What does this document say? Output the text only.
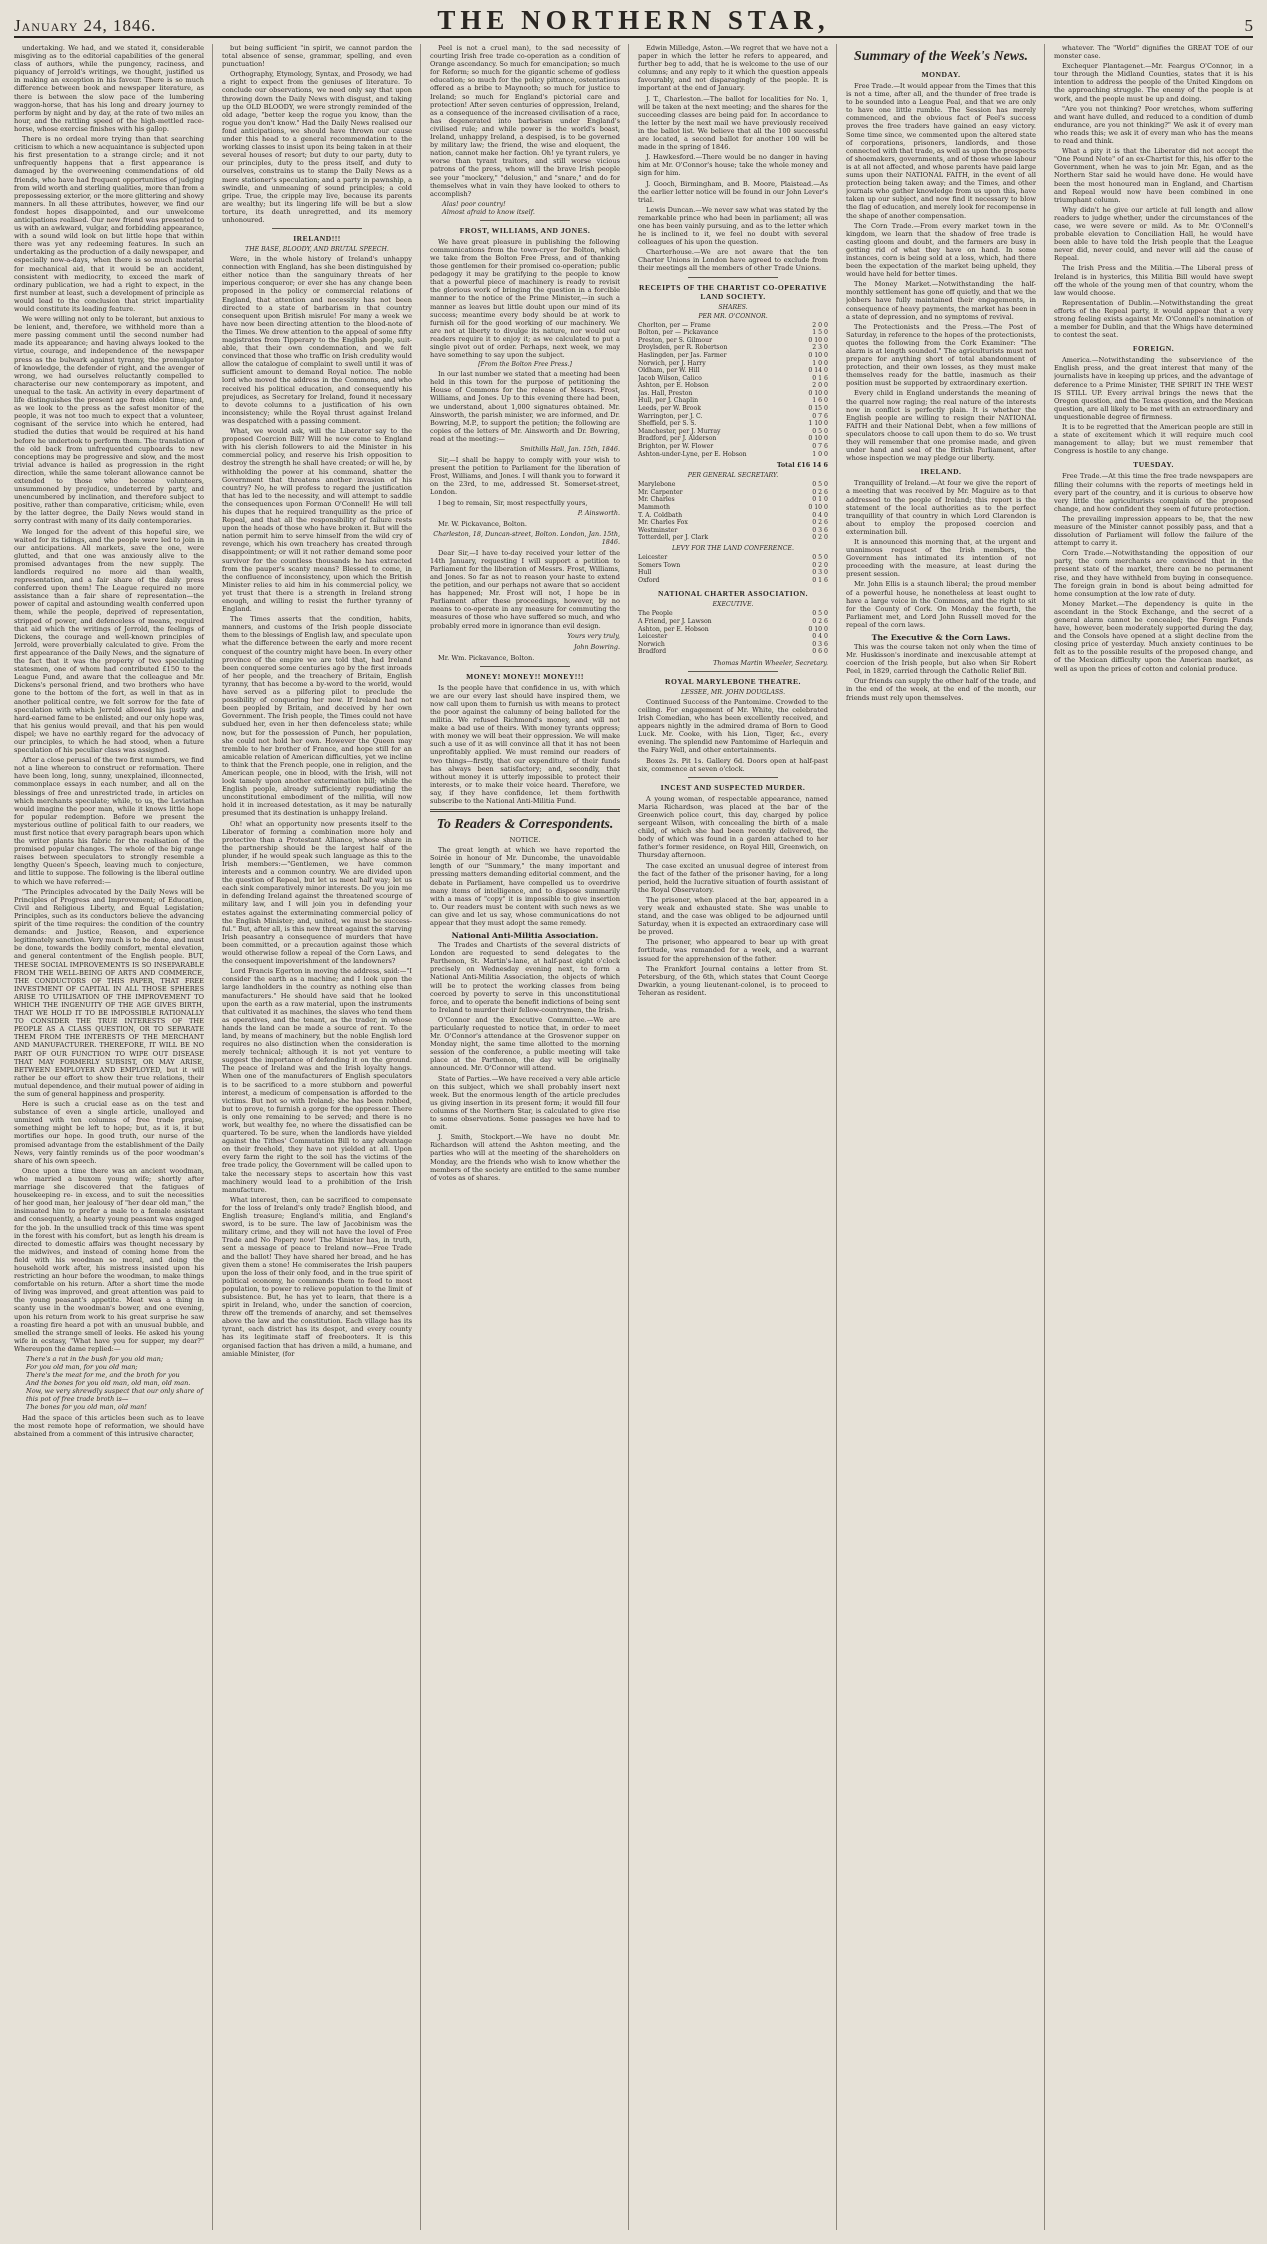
January 24, 1846.	THE NORTHERN STAR,	5

undertaking. We had, and we stated it, considerable misgiving as to the editorial capabilities of the general class of authors, while the pungency, raciness, and piquancy of Jerrold's writings, we thought, justified us in making an exception in his favour. There is so much difference between book and newspaper literature, as there is between the slow pace of the lumbering waggon-horse, that has his long and dreary journey to perform by night and by day, at the rate of two miles an hour, and the rattling speed of the high-mettled race-horse, whose exercise finishes with his gallop.

There is no ordeal more trying than that searching criticism to which a new acquaintance is subjected upon his first presentation to a strange circle; and it not unfrequently happens that a first appearance is damaged by the overweening commendations of old friends, who have had frequent opportunities of judging from wild worth and sterling qualities, more than from a prepossessing exterior, or the more glittering and showy manners. In all these attributes, however, we find our fondest hopes disappointed, and our unwelcome anticipations realised. Our new friend was presented to us with an awkward, vulgar, and forbidding appearance, with a sound wild look on but little hope that within there was yet any redeeming features. In such an undertaking as the production of a daily newspaper, and especially now-a-days, when there is so much material for mechanical aid, that it would be an accident, consistent with mediocrity, to exceed the mark of ordinary publication, we had a right to expect, in the first number at least, such a development of principle as would lead to the conclusion that strict impartiality would constitute its leading feature.

We were willing not only to be tolerant, but anxious to be lenient, and, therefore, we withheld more than a mere passing comment until the second number had made its appearance; and having always looked to the virtue, courage, and independence of the newspaper press as the bulwark against tyranny, the promulgator of knowledge, the defender of right, and the avenger of wrong, we had ourselves reluctantly compelled to characterise our new contemporary as impotent, and unequal to the task. An activity in every department of life distinguishes the present age from olden time; and, as we look to the press as the safest monitor of the people, it was not too much to expect that a volunteer, cognisant of the service into which he entered, had studied the duties that would be required at his hand before he undertook to perform them. The translation of the old back from unfrequented cupboards to new conceptions may be progressive and slow, and the most trivial advance is hailed as progression in the right direction, while the same tolerant allowance cannot be extended to those who become volunteers, unsummoned by prejudice, undeterred by party, and unencumbered by inclination, and therefore subject to positive, rather than comparative, criticism; while, even by the latter degree, the Daily News would stand in sorry contrast with many of its daily contemporaries.

We longed for the advent of this hopeful sire, we waited for its tidings, and the people were led to join in our anticipations. All markets, save the one, were glutted, and that one was anxiously alive to the promised advantages from the new supply. The landlords required no more aid than wealth, representation, and a fair share of the daily press conferred upon them! The League required no more assistance than a fair share of representation—the power of capital and astounding wealth conferred upon them, while the people, deprived of representation, stripped of power, and defenceless of means, required that aid which the writings of Jerrold, the feelings of Dickens, the courage and well-known principles of Jerrold, were proverbially calculated to give. From the first appearance of the Daily News, and the signature of the fact that it was the property of two speculating statesmen, one of whom had contributed £150 to the League Fund, and aware that the colleague and Mr. Dickens's personal friend, and two brothers who have gone to the bottom of the fort, as well in that as in another political centre, we felt sorrow for the fate of speculation with which Jerrold allowed his justly and hard-earned fame to be enlisted; and our only hope was, that his genius would prevail, and that his pen would dispel; we have no earthly regard for the advocacy of our principles, to which he had stood, when a future speculation of his peculiar class was assigned.

After a close perusal of the two first numbers, we find not a line whereon to construct or reformation. There have been long, long, sunny, unexplained, illconnected, commonplace essays in each number, and all on the blessings of free and unrestricted trade, in articles on which merchants speculate; while, to us, the Leviathan would imagine the poor man, while it knows little hope for popular redemption. Before we present the mysterious outline of political faith to our readers, we must first notice that every paragraph bears upon which the writer plants his fabric for the realisation of the promised popular changes. The whole of the big range raises between speculators to strongly resemble a lengthy Queen's Speech, leaving much to conjecture, and little to suppose. The following is the liberal outline to which we have referred:—

"The Principles advocated by the Daily News will be Principles of Progress and Improvement; of Education, Civil and Religious Liberty, and Equal Legislation; Principles, such as its conductors believe the advancing spirit of the time requires: the condition of the country demands: and Justice, Reason, and experience legitimately sanction. Very much is to be done, and must be done, towards the bodily comfort, mental elevation, and general contentment of the English people. BUT, THESE SOCIAL IMPROVEMENTS IS SO INSEPARABLE FROM THE WELL-BEING OF ARTS AND COMMERCE, THE CONDUCTORS OF THIS PAPER, THAT FREE INVESTMENT OF CAPITAL IN ALL THOSE SPHERES ARISE TO UTILISATION OF THE IMPROVEMENT TO WHICH THE INGENUITY OF THE AGE GIVES BIRTH, THAT WE HOLD IT TO BE IMPOSSIBLE RATIONALLY TO CONSIDER THE TRUE INTERESTS OF THE PEOPLE AS A CLASS QUESTION, OR TO SEPARATE THEM FROM THE INTERESTS OF THE MERCHANT AND MANUFACTURER. THEREFORE, IT WILL BE NO PART OF OUR FUNCTION TO WIPE OUT DISEASE THAT MAY FORMERLY SUBSIST, OR MAY ARISE, BETWEEN EMPLOYER AND EMPLOYED, but it will rather be our effort to show their true relations, their mutual dependence, and their mutual power of aiding in the sum of general happiness and prosperity.

Here is such a crucial ease as on the test and substance of even a single article, unalloyed and unmixed with ten columns of free trade praise, something might be left to hope; but, as it is, it but mortifies our hope. In good truth, our nurse of the promised advantage from the establishment of the Daily News, very faintly reminds us of the poor woodman's share of his own speech.

Once upon a time there was an ancient woodman, who married a buxom young wife; shortly after marriage she discovered that the fatigues of housekeeping re- in excess, and to suit the necessities of her good man, her jealousy of "her dear old man," the insinuated him to prefer a male to a female assistant and consequently, a hearty young peasant was engaged for the job. In the unsullied track of this time was spent in the forest with his comfort, but as length his dream is directed to domestic affairs was thought necessary by the midwives, and instead of coming home from the field with his woodman so moral, and doing the household work after, his mistress insisted upon his restricting an hour before the woodman, to make things comfortable on his return. After a short time the mode of living was improved, and great attention was paid to the young peasant's appetite. Meat was a thing in scanty use in the woodman's bower, and one evening, upon his return from work to his great surprise he saw a roasting fire heard a pot with an unusual bubble, and smelled the strange smell of leeks. He asked his young wife in ecstasy, "What have you for supper, my dear?" Whereupon the dame replied:—

There's a rat in the bush for you old man;
For you old man, for you old man;
There's the meat for me, and the broth for you
And the bones for you old man, old man, old man.
Now, we very shrewdly suspect that our only share of this pot of free trade broth is—
The bones for you old man, old man!

Had the space of this articles been such as to leave the most remote hope of reformation, we should have abstained from a comment of this intrusive character,

but being sufficient "in spirit, we cannot pardon the total absence of sense, grammar, spelling, and even punctuation!

Orthography, Etymology, Syntax, and Prosody, we had a right to expect from the geniuses of literature. To conclude our observations, we need only say that upon throwing down the Daily News with disgust, and taking up the OLD BLOODY, we were strongly reminded of the old adage, "better keep the rogue you know, than the rogue you don't know." Had the Daily News realised our fond anticipations, we should have thrown our cause under this head to a general recommendation to the working classes to insist upon its being taken in at their several houses of resort; but duty to our party, duty to our principles, duty to the press itself, and duty to ourselves, constrains us to stamp the Daily News as a mere stationer's speculation; and a party in pawnship, a swindle, and unmeaning of sound principles; a cold gripe. True, the cripple may live, because its parents are wealthy; but its lingering life will be but a slow torture, its death unregretted, and its memory unhonoured.

IRELAND!!!
THE BASE, BLOODY, AND BRUTAL SPEECH.

Were, in the whole history of Ireland's unhappy connection with England, has she been distinguished by either notice than the sanguinary threats of her imperious conqueror; or ever she has any change been proposed in the policy or commercial relations of England, that attention and necessity has not been directed to a state of barbarism in that country consequent upon British misrule! For many a week we have now been directing attention to the blood-note of the Times. We drew attention to the appeal of some fifty magistrates from Tipperary to the English people, suit-able, that their own condemnation, and we felt convinced that those who traffic on Irish credulity would allow the catalogue of complaint to swell until it was of sufficient amount to demand Royal notice. The noble lord who moved the address in the Commons, and who received his political education, and consequently his prejudices, as Secretary for Ireland, found it necessary to devote columns to a justification of his own inconsistency; while the Royal thrust against Ireland was despatched with a passing comment.

What, we would ask, will the Liberator say to the proposed Coercion Bill? Will he now come to England with his clerish followers to aid the Minister in his commercial policy, and reserve his Irish opposition to destroy the strength he shall have created; or will he, by withholding the power at his command, shatter the Government that threatens another invasion of his country? No, he will profess to regard the justification that has led to the necessity, and will attempt to saddle the consequences upon Forman O'Connell! He will tell his dupes that he required tranquillity as the price of Repeal, and that all the responsibility of failure rests upon the heads of those who have broken it. But will the nation permit him to serve himself from the wild cry of revenge, which his own treachery has created through disappointment; or will it not rather demand some poor survivor for the countless thousands he has extracted from the pauper's scanty means? Blessed to come, in the confluence of inconsistency, upon which the British Minister relies to aid him in his commercial policy, we yet trust that there is a strength in Ireland strong enough, and willing to resist the further tyranny of England.

The Times asserts that the condition, habits, manners, and customs of the Irish people dissociate them to the blessings of English law, and speculate upon what the difference between the early and more recent conquest of the country might have been. In every other province of the empire we are told that, had Ireland been conquered some centuries ago by the first inroads of her people, and the treachery of Britain, English tyranny, that has become a by-word to the world, would have served as a pilfering pilot to preclude the possibility of conquering her now. If Ireland had not been peopled by Britain, and deceived by her own Government. The Irish people, the Times could not have subdued her, even in her then defenceless state; while now, but for the possession of Punch, her population, she could not hold her own. However the Queen may tremble to her brother of France, and hope still for an amicable relation of American difficulties, yet we incline to think that the French people, one in religion, and the American people, one in blood, with the Irish, will not look tamely upon another extermination bill; while the English people, already sufficiently repudiating the unconstitutional embodiment of the militia, will now hold it in increased detestation, as it may be naturally presumed that its destination is unhappy Ireland.

Oh! what an opportunity now presents itself to the Liberator of forming a combination more holy and protective than a Protestant Alliance, whose share in the partnership should be the largest half of the plunder, if he would speak such language as this to the Irish members:—"Gentlemen, we have common interests and a common country. We are divided upon the question of Repeal, but let us meet half way; let us each sink comparatively minor interests. Do you join me in defending Ireland against the threatened scourge of military law, and I will join you in defending your estates against the exterminating commercial policy of the English Minister; and, united, we must be success-ful." But, after all, is this new threat against the starving Irish peasantry a consequence of murders that have been committed, or a precaution against those which would otherwise follow a repeal of the Corn Laws, and the consequent impoverishment of the landowners?

Lord Francis Egerton in moving the address, said:—"I consider the earth as a machine; and I look upon the large landholders in the country as nothing else than manufacturers." He should have said that he looked upon the earth as a raw material, upon the instruments that cultivated it as machines, the slaves who tend them as operatives, and the tenant, as the trader, in whose hands the land can be made a source of rent. To the land, by means of machinery, but the noble English lord requires no also distinction when the consideration is merely technical; although it is not yet venture to suggest the importance of defending it on the ground. The peace of Ireland was and the Irish loyalty hangs. When one of the manufacturers of English speculators is to be sacrificed to a more stubborn and powerful interest, a medicum of compensation is afforded to the victims. But not so with Ireland; she has been robbed, but to prove, to furnish a gorge for the oppressor. There is only one remaining to be served; and there is no work, but wealthy fee, no where the dissatisfied can be quartered. To be sure, when the landlords have yielded against the Tithes' Commutation Bill to any advantage on their freehold, they have not yielded at all. Upon every farm the right to the soil has the victims of the free trade policy, the Government will be called upon to take the necessary steps to ascertain how this vast machinery would lead to a prohibition of the Irish manufacture.

What interest, then, can be sacrificed to compensate for the loss of Ireland's only trade? English blood, and English treasure; England's militia, and England's sword, is to be sure. The law of Jacobinism was the military crime, and they will not have the lovel of Free Trade and No Popery now! The Minister has, in truth, sent a message of peace to Ireland now—Free Trade and the ballot! They have shared her bread, and he has given them a stone! He commiserates the Irish paupers upon the loss of their only food, and in the true spirit of political economy, he commands them to feed to most population, to power to relieve population to the limit of subsistence. But, he has yet to learn, that there is a spirit in Ireland, who, under the sanction of coercion, threw off the tremends of anarchy, and set themselves above the law and the constitution. Each village has its tyrant, each district has its despot, and every county has its legitimate staff of freebooters. It is this organised faction that has driven a mild, a humane, and amiable Minister, (for

Peel is not a cruel man), to the sad necessity of courting Irish free trade co-operation as a condition of Orange ascendancy. So much for emancipation; so much for Reform; so much for the gigantic scheme of godless education; so much for the policy pittance, ostentatious offered as a bribe to Maynooth; so much for justice to Ireland; so much for England's pictorial care and protection! After seven centuries of oppression, Ireland, as a consequence of the increased civilisation of a race, has degenerated into barbarism under England's civilised rule; and while power is the world's boast, Ireland, unhappy Ireland, a despised, is to be governed by military law; the friend, the wise and eloquent, the nation, cannot make her faction. Oh! ye tyrant rulers, ye worse than tyrant traitors, and still worse vicious patrons of the press, whom will the brave Irish people see your "mockery," "delusion," and "snare," and do for themselves what in vain they have looked to others to accomplish?

Alas! poor country!
Almost afraid to know itself.
FROST, WILLIAMS, AND JONES.

We have great pleasure in publishing the following communications from the town-cryer for Bolton, which we take from the Bolton Free Press, and of thanking those gentlemen for their promised co-operation; public pedagogy it may be gratifying to the people to know that a powerful piece of machinery is ready to revisit the glorious work of bringing the question in a forcible manner to the notice of the Prime Minister,—in such a manner as leaves but little doubt upon our mind of its success; meantime every body should be at work to furnish oil for the good working of our machinery. We are not at liberty to divulge its nature, nor would our readers require it to enjoy it; as we calculated to put a single pivot out of order. Perhaps, next week, we may have something to say upon the subject.

[From the Bolton Free Press.]

In our last number we stated that a meeting had been held in this town for the purpose of petitioning the House of Commons for the release of Messrs. Frost, Williams, and Jones. Up to this evening there had been, we understand, about 1,000 signatures obtained. Mr. Ainsworth, the parish minister, we are informed, and Dr. Bowring, M.P., to support the petition; the following are copies of the letters of Mr. Ainsworth and Dr. Bowring, read at the meeting:—

Smithills Hall, Jan. 15th, 1846.

Sir,—I shall be happy to comply with your wish to present the petition to Parliament for the liberation of Frost, Williams, and Jones. I will thank you to forward it on the 23rd, to me, addressed St. Somerset-street, London.

I beg to remain, Sir, most respectfully yours,

P. Ainsworth.

Mr. W. Pickavance, Bolton.

Charleston, 18, Duncan-street, Bolton. London, Jan. 15th, 1846.

Dear Sir,—I have to-day received your letter of the 14th January, requesting I will support a petition to Parliament for the liberation of Messrs. Frost, Williams, and Jones. So far as not to reason your haste to extend the petition, and our perhaps not aware that so accident has happened; Mr. Frost will not, I hope be in Parliament after these proceedings, however, by no means to co-operate in any measure for commuting the measures of those who have suffered so much, and who probably erred more in ignorance than evil design.

Yours very truly,
John Bowring.

Mr. Wm. Pickavance, Bolton.

MONEY! MONEY!! MONEY!!!

Is the people have that confidence in us, with which we are our every last should have inspired them, we now call upon them to furnish us with means to protect the poor against the calumny of being balloted for the militia. We refused Richmond's money, and will not make a bad use of theirs. With money tyrants oppress; with money we will beat their oppression. We will make such a use of it as will convince all that it has not been unprofitably applied. We must remind our readers of two things—firstly, that our expenditure of their funds has always been satisfactory; and, secondly, that without money it is utterly impossible to protect their interests, or to make their voice heard. Therefore, we say, if they have confidence, let them forthwith subscribe to the National Anti-Militia Fund.

To Readers & Correspondents.
NOTICE.

The great length at which we have reported the Soirée in honour of Mr. Duncombe, the unavoidable length of our "Summary," the many important and pressing matters demanding editorial comment, and the debate in Parliament, have compelled us to overdrive many items of intelligence, and to dispose summarily with a mass of "copy" it is impossible to give insertion to. Our readers must be content with such news as we can give and let us say, whose communications do not appear that they must adopt the same remedy.

National Anti-Militia Association.

The Trades and Chartists of the several districts of London are requested to send delegates to the Parthenon, St. Martin's-lane, at half-past eight o'clock precisely on Wednesday evening next, to form a National Anti-Militia Association, the objects of which will be to protect the working classes from being coerced by poverty to serve in this unconstitutional force, and to operate the benefit indictions of being sent to Ireland to murder their fellow-countrymen, the Irish.

O'Connor and the Executive Committee.—We are particularly requested to notice that, in order to meet Mr. O'Connor's attendance at the Grosvenor supper on Monday night, the same time allotted to the morning session of the conference, a public meeting will take place at the Parthenon, the day will be originally announced. Mr. O'Connor will attend.

State of Parties.—We have received a very able article on this subject, which we shall probably insert next week. But the enormous length of the article precludes us giving insertion in its present form; it would fill four columns of the Northern Star, is calculated to give rise to some observations. Some passages we have had to omit.

J. Smith, Stockport.—We have no doubt Mr. Richardson will attend the Ashton meeting, and the parties who will at the meeting of the shareholders on Monday, are the friends who wish to know whether the members of the society are entitled to the same number of votes as of shares.

Edwin Milledge, Aston.—We regret that we have not a paper in which the letter he refers to appeared, and further beg to add, that he is welcome to the use of our columns; and any reply to it which the question appeals favourably, and not disparagingly of the people. It is important at the end of January.

J. T., Charleston.—The ballot for localities for No. 1, will be taken at the next meeting; and the shares for the succeeding classes are being paid for. In accordance to the letter by the next mail we have previously received in the ballot list. We believe that all the 100 successful are located, a second ballot for another 100 will be made in the spring of 1846.

J. Hawkesford.—There would be no danger in having him at Mr. O'Connor's house; take the whole money and sign for him.

J. Gooch, Birmingham, and B. Moore, Plaistead.—As the earlier letter notice will be found in our John Lever's trial.

Lewis Duncan.—We never saw what was stated by the remarkable prince who had been in parliament; all was one has been vainly pursuing, and as to the letter which he is inclined to it, we feel no doubt with several colleagues of his upon the question.

Charterhouse.—We are not aware that the ten Charter Unions in London have agreed to exclude from their meetings all the members of other Trade Unions.

RECEIPTS OF THE CHARTIST CO-OPERATIVE LAND SOCIETY.
SHARES.
PER MR. O'CONNOR.
Chorlton, per — Frame	2 0 0
Bolton, per — Pickavance	1 5 0
Preston, per S. Gilmour	0 10 0
Droylsden, per R. Robertson	2 3 0
Haslingden, per Jas. Farmer	0 10 0
Norwich, per J. Harry	1 0 0
Oldham, per W. Hill	0 14 0
Jacob Wilson, Calico	0 1 6
Ashton, per E. Hobson	2 0 0
Jas. Hall, Preston	0 10 0
Hull, per J. Chaplin	1 6 0
Leeds, per W. Brook	0 15 0
Warrington, per J. C.	0 7 6
Sheffield, per S. S.	1 10 0
Manchester, per J. Murray	0 5 0
Bradford, per J. Alderson	0 10 0
Brighton, per W. Flower	0 7 6
Ashton-under-Lyne, per E. Hobson	1 0 0
Total £16 14 6
PER GENERAL SECRETARY.
Marylebone	0 5 0
Mr. Carpenter	0 2 6
Mr. Charles	0 1 0
Mammoth	0 10 0
T. A. Coldbath	0 4 0
Mr. Charles Fox	0 2 6
Westminster	0 3 6
Totterdell, per J. Clark	0 2 0
LEVY FOR THE LAND CONFERENCE.
Leicester	0 5 0
Somers Town	0 2 0
Hull	0 3 0
Oxford	0 1 6
NATIONAL CHARTER ASSOCIATION.
EXECUTIVE.
The People	0 5 0
A Friend, per J. Lawson	0 2 6
Ashton, per E. Hobson	0 10 0
Leicester	0 4 0
Norwich	0 3 6
Bradford	0 6 0
Thomas Martin Wheeler, Secretary.
ROYAL MARYLEBONE THEATRE.
LESSEE, MR. JOHN DOUGLASS.

Continued Success of the Pantomime. Crowded to the ceiling. For engagement of Mr. White, the celebrated Irish Comedian, who has been excellently received, and appears nightly in the admired drama of Born to Good Luck. Mr. Cooke, with his Lion, Tiger, &c., every evening. The splendid new Pantomime of Harlequin and the Fairy Well, and other entertainments.

Boxes 2s. Pit 1s. Gallery 6d. Doors open at half-past six, commence at seven o'clock.

INCEST AND SUSPECTED MURDER.

A young woman, of respectable appearance, named Maria Richardson, was placed at the bar of the Greenwich police court, this day, charged by police sergeant Wilson, with concealing the birth of a male child, of which she had been recently delivered, the body of which was found in a garden attached to her father's former residence, on Royal Hill, Greenwich, on Thursday afternoon.

The case excited an unusual degree of interest from the fact of the father of the prisoner having, for a long period, held the lucrative situation of fourth assistant of the Royal Observatory.

The prisoner, when placed at the bar, appeared in a very weak and exhausted state. She was unable to stand, and the case was obliged to be adjourned until Saturday, when it is expected an extraordinary case will be proved.

The prisoner, who appeared to bear up with great fortitude, was remanded for a week, and a warrant issued for the apprehension of the father.

The Frankfort Journal contains a letter from St. Petersburg, of the 6th, which states that Count Ceorge Dwarkin, a young lieutenant-colonel, is to proceed to Teheran as resident.

Summary of the Week's News.
MONDAY.

Free Trade.—It would appear from the Times that this is not a time, after all, and the thunder of free trade is to be sounded into a League Peal, and that we are only to have one little rumble. The Session has merely commenced, and the obvious fact of Peel's success proves the free traders have gained an easy victory. Some time since, we commented upon the altered state of corporations, prisoners, landlords, and those connected with that trade, as well as upon the prospects of shoemakers, governments, and of those whose labour is at all not affected, and whose parents have paid large sums upon their NATIONAL FAITH, in the event of all protection being taken away; and the Times, and other journals who gather knowledge from us upon this, have taken up our subject, and now find it necessary to blow the flag of education, and merely look for recompense in the shape of another compensation.

The Corn Trade.—From every market town in the kingdom, we learn that the shadow of free trade is casting gloom and doubt, and the farmers are busy in getting rid of what they have on hand. In some instances, corn is being sold at a loss, which, had there been the expectation of the market being upheld, they would have held for better times.

The Money Market.—Notwithstanding the half-monthly settlement has gone off quietly, and that we the jobbers have fully maintained their engagements, in consequence of heavy payments, the market has been in a state of depression, and no symptoms of revival.

The Protectionists and the Press.—The Post of Saturday, in reference to the hopes of the protectionists, quotes the following from the Cork Examiner: "The alarm is at length sounded." The agriculturists must not prepare for anything short of total abandonment of protection, and their own losses, as they must make themselves ready for the battle, inasmuch as their position must be supported by extraordinary exertion.

Every child in England understands the meaning of the quarrel now raging; the real nature of the interests now in conflict is perfectly plain. It is whether the English people are willing to resign their NATIONAL FAITH and their National Debt, when a few millions of speculators choose to call upon them to do so. We trust they will remember that one promise made, and given under hand and seal of the British Parliament, after whose inspection we may pledge our liberty.

IRELAND.

Tranquillity of Ireland.—At four we give the report of a meeting that was received by Mr. Maguire as to that addressed to the people of Ireland; this report is the statement of the local authorities as to the perfect tranquillity of that country in which Lord Clarendon is about to employ the proposed coercion and extermination bill.

It is announced this morning that, at the urgent and unanimous request of the Irish members, the Government has intimated its intention of not proceeding with the measure, at least during the present session.

Mr. John Ellis is a staunch liberal; the proud member of a powerful house, he nonetheless at least ought to have a large voice in the Commons, and the right to sit for the County of Cork. On Monday the fourth, the Parliament met, and Lord John Russell moved for the repeal of the corn laws.

The Executive & the Corn Laws.

This was the course taken not only when the time of Mr. Huskisson's inordinate and inexcusable attempt at coercion of the Irish people, but also when Sir Robert Peel, in 1829, carried through the Catholic Relief Bill.

Our friends can supply the other half of the trade, and in the end of the week, at the end of the month, our friends must rely upon themselves.

whatever. The "World" dignifies the GREAT TOE of our monster case.

Exchequer Plantagenet.—Mr. Feargus O'Connor, in a tour through the Midland Counties, states that it is his intention to address the people of the United Kingdom on the approaching struggle. The enemy of the people is at work, and the people must be up and doing.

"Are you not thinking? Poor wretches, whom suffering and want have dulled, and reduced to a condition of dumb endurance, are you not thinking?" We ask it of every man who reads this; we ask it of every man who has the means to read and think.

What a pity it is that the Liberator did not accept the "One Pound Note" of an ex-Chartist for this, his offer to the Government, when he was to join Mr. Egan, and as the Northern Star said he would have done. He would have been the most honoured man in England, and Chartism and Repeal would now have been combined in one triumphant column.

Why didn't he give our article at full length and allow readers to judge whether, under the circumstances of the case, we were severe or mild. As to Mr. O'Connell's probable elevation to Conciliation Hall, he would have been able to have told the Irish people that the League never did, never could, and never will aid the cause of Repeal.

The Irish Press and the Militia.—The Liberal press of Ireland is in hysterics, this Militia Bill would have swept off the whole of the young men of that country, whom the law would choose.

Representation of Dublin.—Notwithstanding the great efforts of the Repeal party, it would appear that a very strong feeling exists against Mr. O'Connell's nomination of a member for Dublin, and that the Whigs have determined to contest the seat.

FOREIGN.

America.—Notwithstanding the subservience of the English press, and the great interest that many of the journalists have in keeping up prices, and the advantage of deference to a Prime Minister, THE SPIRIT IN THE WEST IS STILL UP. Every arrival brings the news that the Oregon question, and the Texas question, and the Mexican question, are all likely to be met with an extraordinary and unquestionable degree of firmness.

It is to be regretted that the American people are still in a state of excitement which it will require much cool management to allay; but we must remember that Congress is hostile to any change.

TUESDAY.

Free Trade.—At this time the free trade newspapers are filling their columns with the reports of meetings held in every part of the country, and it is curious to observe how very little the agriculturists complain of the proposed change, and how confident they seem of future protection.

The prevailing impression appears to be, that the new measure of the Minister cannot possibly pass, and that a dissolution of Parliament will follow the failure of the attempt to carry it.

Corn Trade.—Notwithstanding the opposition of our party, the corn merchants are convinced that in the present state of the market, there can be no permanent rise, and they have withheld from buying in consequence. The foreign grain in bond is about being admitted for home consumption at the low rate of duty.

Money Market.—The dependency is quite in the ascendant in the Stock Exchange, and the secret of a general alarm cannot be concealed; the Foreign Funds have, however, been moderately supported during the day, and the Consols have opened at a slight decline from the closing price of yesterday. Much anxiety continues to be felt as to the possible results of the proposed change, and of the Mexican difficulty upon the American market, as well as upon the prices of cotton and colonial produce.
